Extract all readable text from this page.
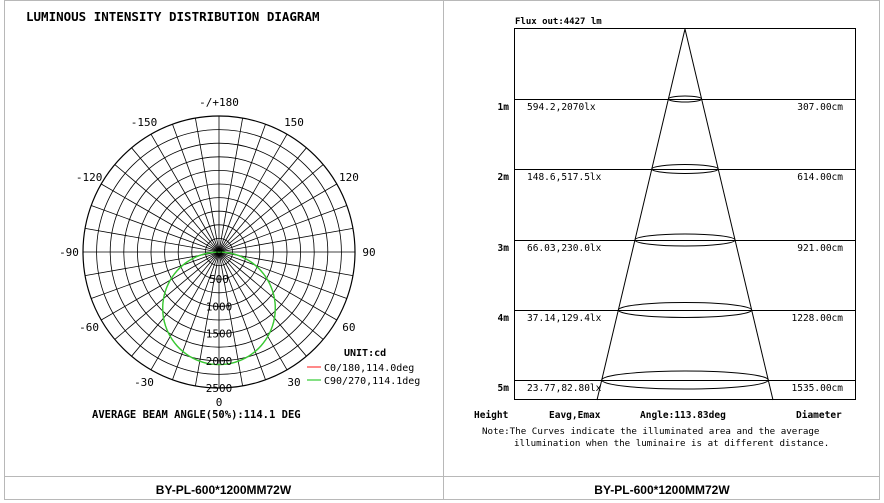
LUMINOUS INTENSITY DISTRIBUTION DIAGRAM
-/+180
-150	150
-120	120
-90	90
-60	60
-30	30
0
0
500
1000
1500
2000
2500
UNIT:cd
C0/180,114.0deg
C90/270,114.1deg
AVERAGE BEAM ANGLE(50%):114.1 DEG
Flux out:4427 lm
1m 594.2,2070lx	307.00cm
2m 148.6,517.5lx	614.00cm
3m 66.03,230.0lx	921.00cm
4m 37.14,129.4lx	1228.00cm
5m 23.77,82.80lx	1535.00cm
Height	Eavg,Emax	Angle:113.83deg	Diameter
Note:The Curves indicate the illuminated area and the average
illumination when the luminaire is at different distance.
BY-PL-600*1200MM72W	BY-PL-600*1200MM72W
